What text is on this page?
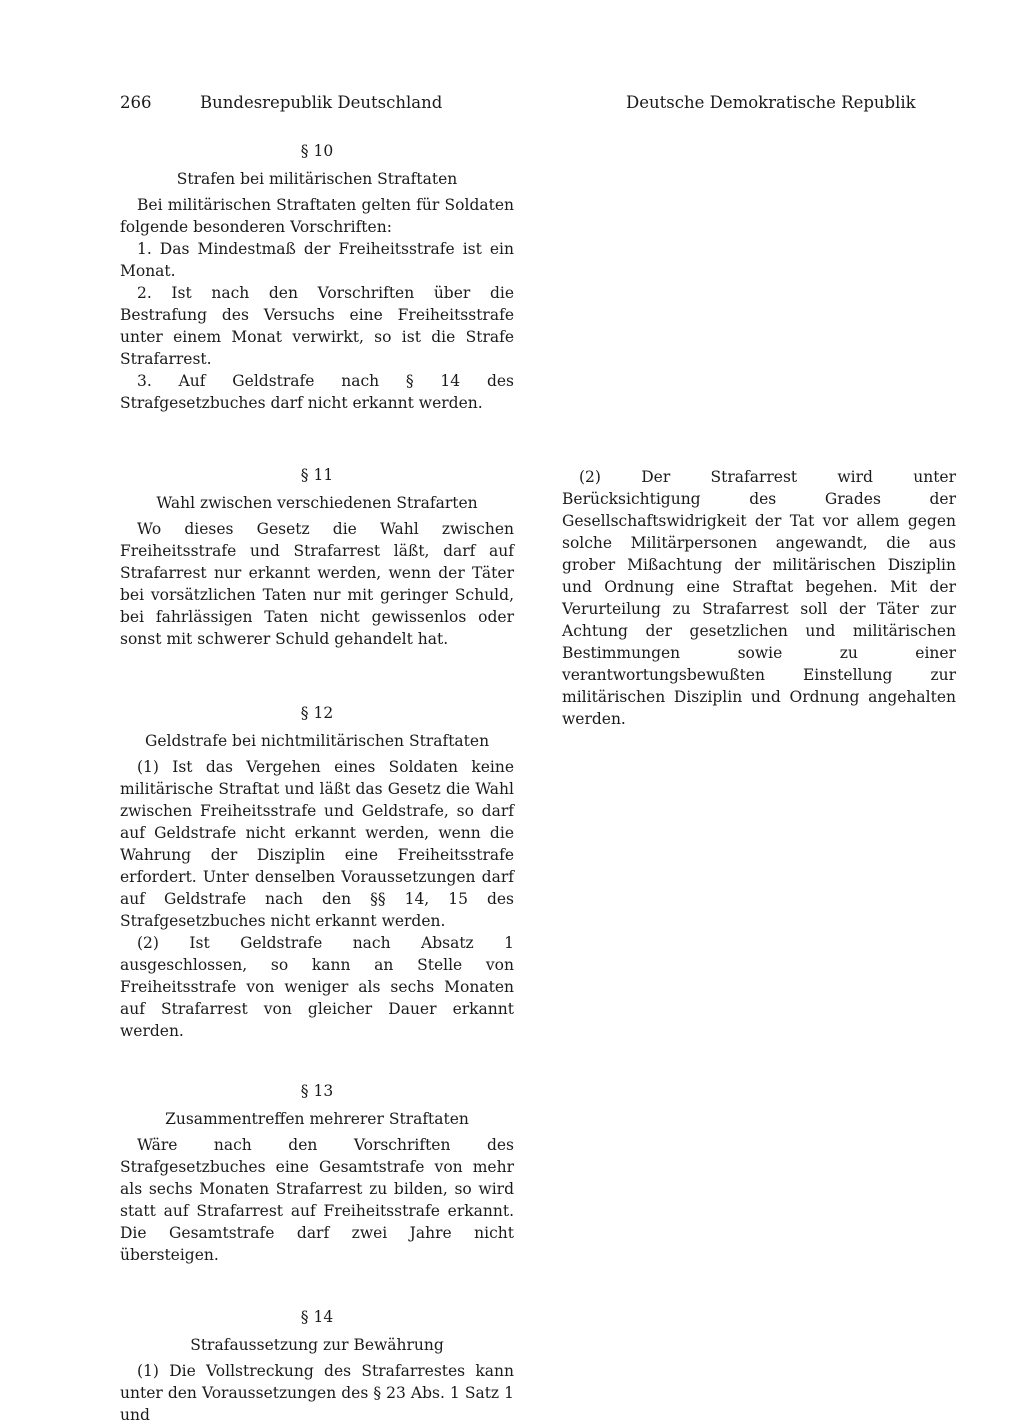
266	Bundesrepublik Deutschland	Deutsche Demokratische Republik

§ 10

Strafen bei militärischen Straftaten

Bei militärischen Straftaten gelten für Soldaten folgende besonderen Vorschriften:

1. Das Mindestmaß der Freiheitsstrafe ist ein Monat.

2. Ist nach den Vorschriften über die Bestrafung des Versuchs eine Freiheitsstrafe unter einem Monat verwirkt, so ist die Strafe Strafarrest.

3. Auf Geldstrafe nach § 14 des Strafgesetzbuches darf nicht erkannt werden.

§ 11

Wahl zwischen verschiedenen Strafarten

Wo dieses Gesetz die Wahl zwischen Freiheitsstrafe und Strafarrest läßt, darf auf Strafarrest nur erkannt werden, wenn der Täter bei vorsätzlichen Taten nur mit geringer Schuld, bei fahrlässigen Taten nicht gewissenlos oder sonst mit schwerer Schuld gehandelt hat.

§ 12

Geldstrafe bei nichtmilitärischen Straftaten

(1) Ist das Vergehen eines Soldaten keine militärische Straftat und läßt das Gesetz die Wahl zwischen Freiheitsstrafe und Geldstrafe, so darf auf Geldstrafe nicht erkannt werden, wenn die Wahrung der Disziplin eine Freiheitsstrafe erfordert. Unter denselben Voraussetzungen darf auf Geldstrafe nach den §§ 14, 15 des Strafgesetzbuches nicht erkannt werden.

(2) Ist Geldstrafe nach Absatz 1 ausgeschlossen, so kann an Stelle von Freiheitsstrafe von weniger als sechs Monaten auf Strafarrest von gleicher Dauer erkannt werden.

§ 13

Zusammentreffen mehrerer Straftaten

Wäre nach den Vorschriften des Strafgesetzbuches eine Gesamtstrafe von mehr als sechs Monaten Strafarrest zu bilden, so wird statt auf Strafarrest auf Freiheitsstrafe erkannt. Die Gesamtstrafe darf zwei Jahre nicht übersteigen.

§ 14

Strafaussetzung zur Bewährung

(1) Die Vollstreckung des Strafarrestes kann unter den Voraussetzungen des § 23 Abs. 1 Satz 1 und

(2) Der Strafarrest wird unter Berücksichtigung des Grades der Gesellschaftswidrigkeit der Tat vor allem gegen solche Militärpersonen angewandt, die aus grober Mißachtung der militärischen Disziplin und Ordnung eine Straftat begehen. Mit der Verurteilung zu Strafarrest soll der Täter zur Achtung der gesetzlichen und militärischen Bestimmungen sowie zu einer verantwortungsbewußten Einstellung zur militärischen Disziplin und Ordnung angehalten werden.
